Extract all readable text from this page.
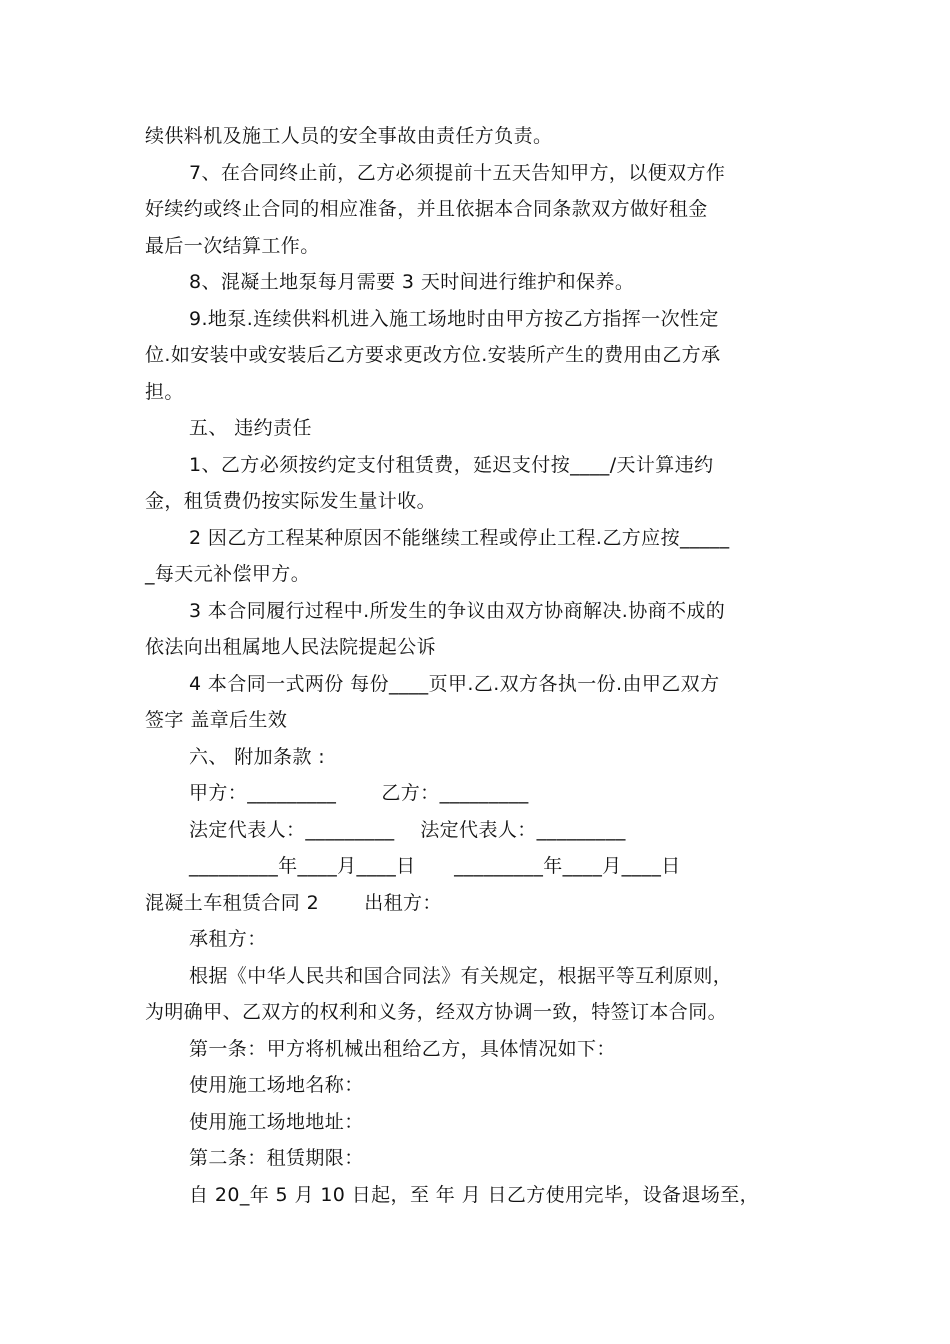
续供料机及施工人员的安全事故由责任方负责。
7、在合同终止前，乙方必须提前十五天告知甲方，以便双方作
好续约或终止合同的相应准备，并且依据本合同条款双方做好租金
最后一次结算工作。
8、混凝土地泵每月需要 3 天时间进行维护和保养。
9.地泵.连续供料机进入施工场地时由甲方按乙方指挥一次性定
位.如安装中或安装后乙方要求更改方位.安装所产生的费用由乙方承
担。
五、 违约责任
1、乙方必须按约定支付租赁费，延迟支付按____/天计算违约
金，租赁费仍按实际发生量计收。
2 因乙方工程某种原因不能继续工程或停止工程.乙方应按_____
_每天元补偿甲方。
3 本合同履行过程中.所发生的争议由双方协商解决.协商不成的
依法向出租属地人民法院提起公诉
4 本合同一式两份 每份____页甲.乙.双方各执一份.由甲乙双方
签字 盖章后生效
六、 附加条款 :
甲方：_________       乙方：_________
法定代表人：_________    法定代表人：_________
_________年____月____日      _________年____月____日
混凝土车租赁合同 2       出租方：
承租方：
根据《中华人民共和国合同法》有关规定，根据平等互利原则，
为明确甲、乙双方的权利和义务，经双方协调一致，特签订本合同。
第一条：甲方将机械出租给乙方，具体情况如下：
使用施工场地名称：
使用施工场地地址：
第二条：租赁期限：
自 20_年 5 月 10 日起，至 年 月 日乙方使用完毕，设备退场至，
